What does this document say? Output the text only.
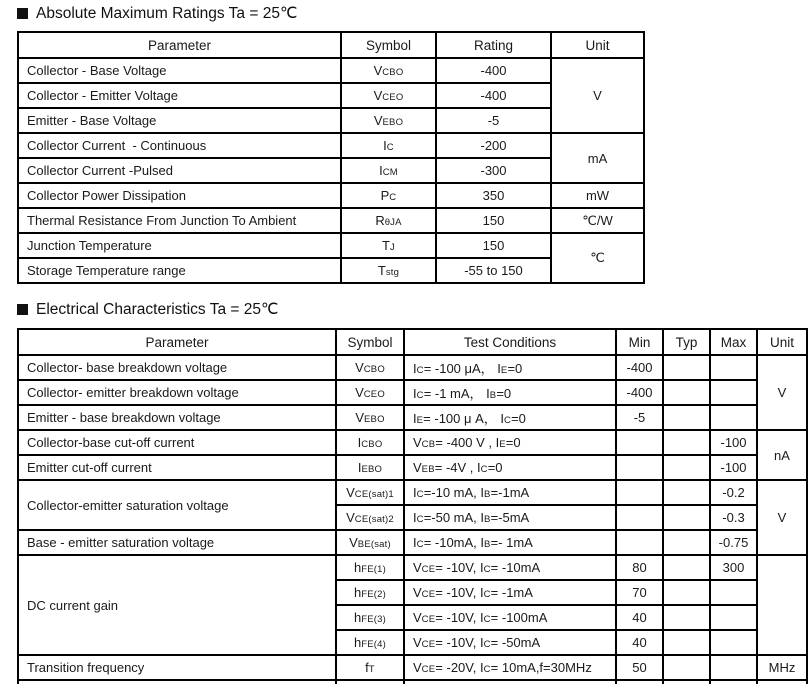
Absolute Maximum Ratings Ta = 25℃
Parameter	Symbol	Rating	Unit
Collector - Base Voltage	VCBO	-400	V
Collector - Emitter Voltage	VCEO	-400	
Emitter - Base Voltage	VEBO	-5	
Collector Current  - Continuous	IC	-200	mA
Collector Current -Pulsed	ICM	-300	
Collector Power Dissipation	PC	350	mW
Thermal Resistance From Junction To Ambient	RθJA	150	℃/W
Junction Temperature	TJ	150	℃
Storage Temperature range	Tstg	-55 to 150	
Electrical Characteristics Ta = 25℃
Parameter	Symbol	Test Conditions	Min	Typ	Max	Unit
Collector- base breakdown voltage	VCBO	IC= -100 μA， IE=0	-400			V
Collector- emitter breakdown voltage	VCEO	IC= -1 mA， IB=0	-400			
Emitter - base breakdown voltage	VEBO	IE= -100 μ A， IC=0	-5			
Collector-base cut-off current	ICBO	VCB= -400 V , IE=0			-100	nA
Emitter cut-off current	IEBO	VEB= -4V , IC=0			-100	
Collector-emitter saturation voltage	VCE(sat)1	IC=-10 mA, IB=-1mA			-0.2	V
	VCE(sat)2	IC=-50 mA, IB=-5mA			-0.3	
Base - emitter saturation voltage	VBE(sat)	IC= -10mA, IB=- 1mA			-0.75	
DC current gain	hFE(1)	VCE= -10V, IC= -10mA	80		300	
	hFE(2)	VCE= -10V, IC= -1mA	70			
	hFE(3)	VCE= -10V, IC= -100mA	40			
	hFE(4)	VCE= -10V, IC= -50mA	40			
Transition frequency	fT	VCE= -20V, IC= 10mA,f=30MHz	50			MHz
